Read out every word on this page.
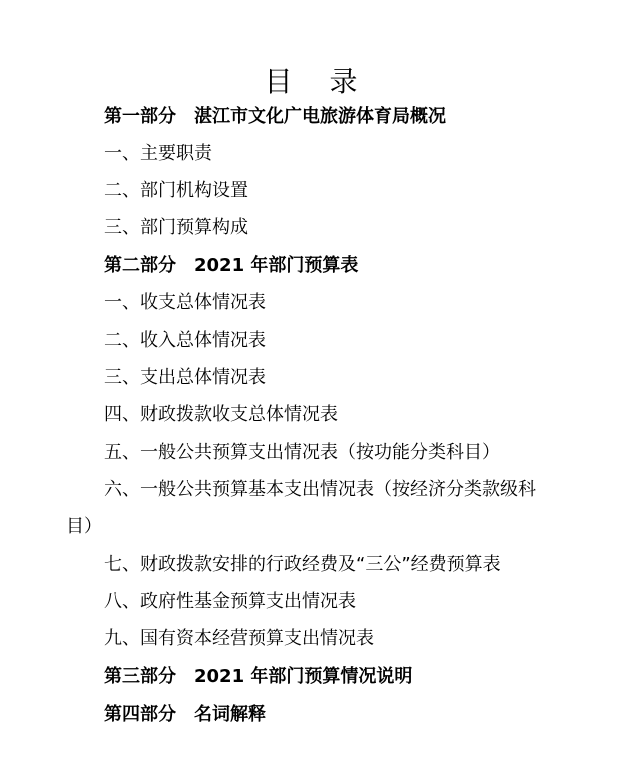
目 录
第一部分 湛江市文化广电旅游体育局概况
一、主要职责
二、部门机构设置
三、部门预算构成
第二部分 2021 年部门预算表
一、收支总体情况表
二、收入总体情况表
三、支出总体情况表
四、财政拨款收支总体情况表
五、一般公共预算支出情况表（按功能分类科目）
六、一般公共预算基本支出情况表（按经济分类款级科
目）
七、财政拨款安排的行政经费及“三公”经费预算表
八、政府性基金预算支出情况表
九、国有资本经营预算支出情况表
第三部分 2021 年部门预算情况说明
第四部分 名词解释
